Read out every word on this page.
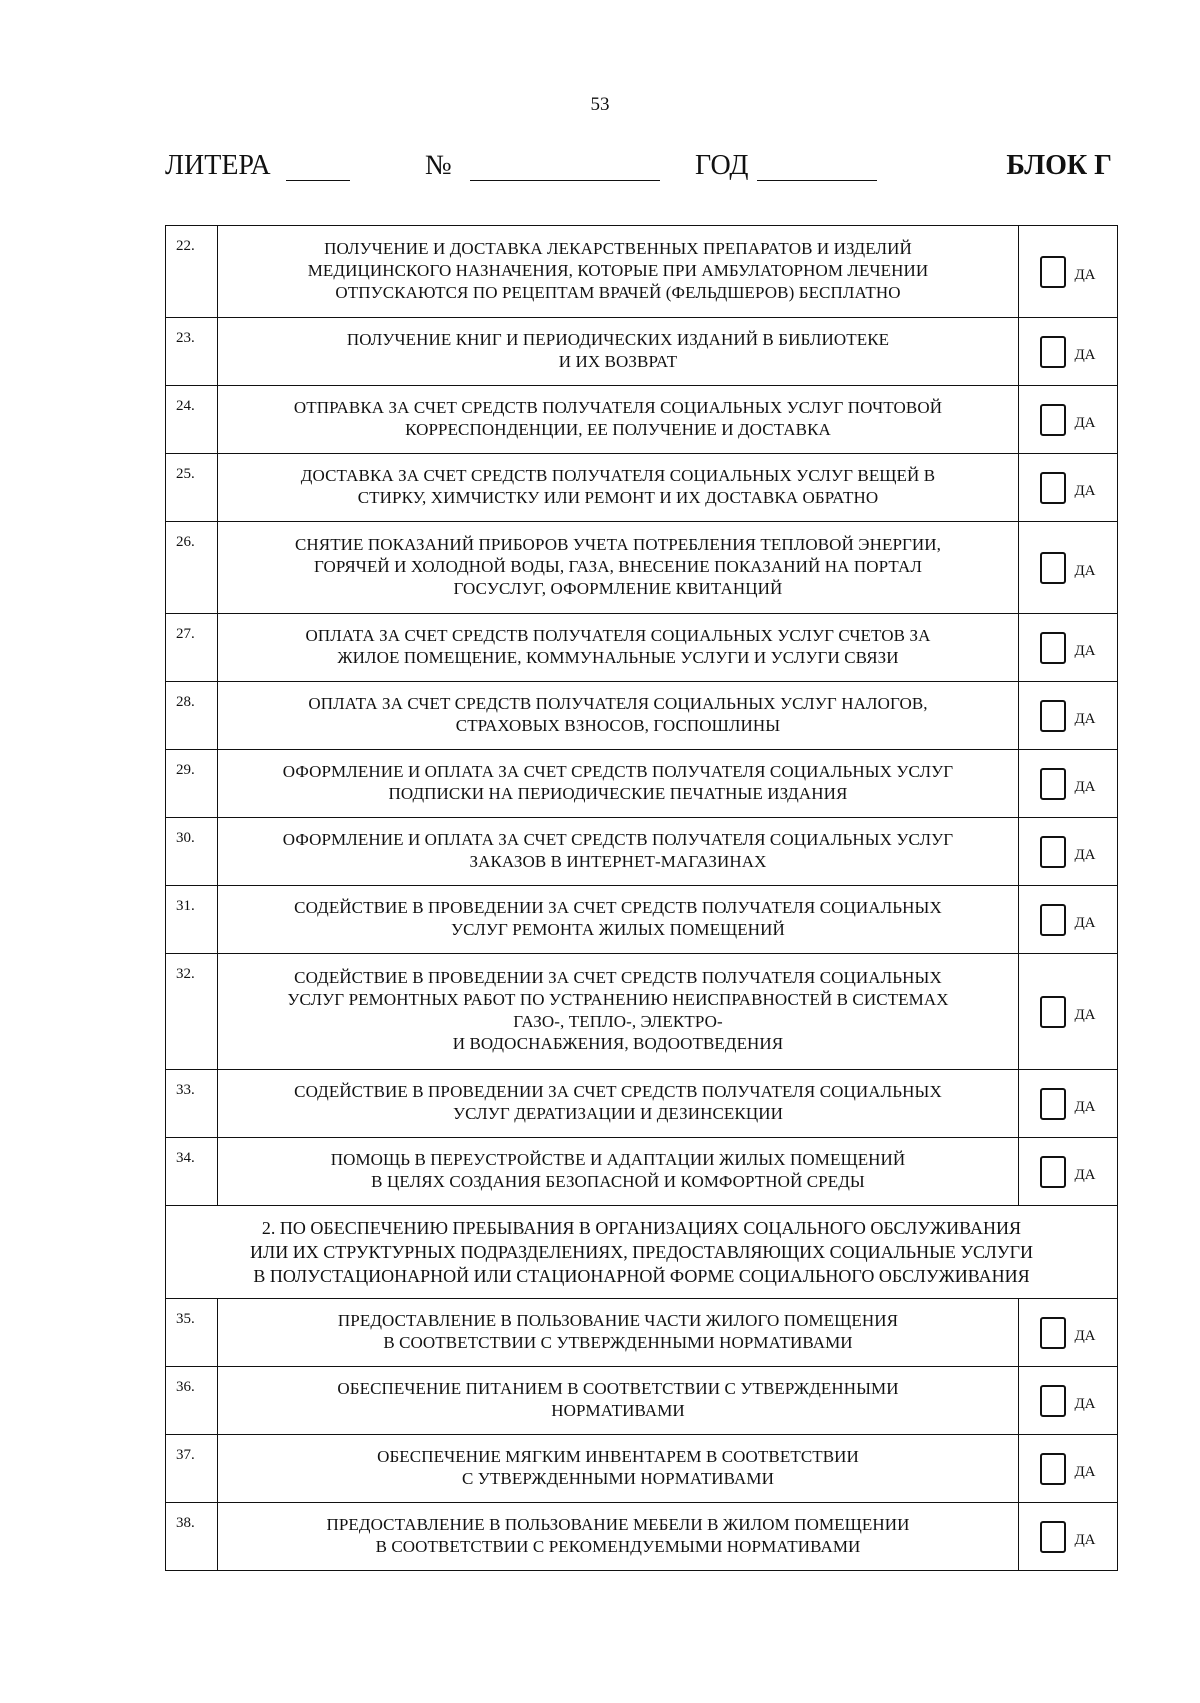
53
ЛИТЕРА	№	ГОД	БЛОК Г
22.	ПОЛУЧЕНИЕ И ДОСТАВКА ЛЕКАРСТВЕННЫХ ПРЕПАРАТОВ И ИЗДЕЛИЙ
МЕДИЦИНСКОГО НАЗНАЧЕНИЯ, КОТОРЫЕ ПРИ АМБУЛАТОРНОМ ЛЕЧЕНИИ
ОТПУСКАЮТСЯ ПО РЕЦЕПТАМ ВРАЧЕЙ (ФЕЛЬДШЕРОВ) БЕСПЛАТНО	ДА

23.	ПОЛУЧЕНИЕ КНИГ И ПЕРИОДИЧЕСКИХ ИЗДАНИЙ В БИБЛИОТЕКЕ
И ИХ ВОЗВРАТ	ДА

24.	ОТПРАВКА ЗА СЧЕТ СРЕДСТВ ПОЛУЧАТЕЛЯ СОЦИАЛЬНЫХ УСЛУГ ПОЧТОВОЙ
КОРРЕСПОНДЕНЦИИ, ЕЕ ПОЛУЧЕНИЕ И ДОСТАВКА	ДА

25.	ДОСТАВКА ЗА СЧЕТ СРЕДСТВ ПОЛУЧАТЕЛЯ СОЦИАЛЬНЫХ УСЛУГ ВЕЩЕЙ В
СТИРКУ, ХИМЧИСТКУ ИЛИ РЕМОНТ И ИХ ДОСТАВКА ОБРАТНО	ДА

26.	СНЯТИЕ ПОКАЗАНИЙ ПРИБОРОВ УЧЕТА ПОТРЕБЛЕНИЯ ТЕПЛОВОЙ ЭНЕРГИИ,
ГОРЯЧЕЙ И ХОЛОДНОЙ ВОДЫ, ГАЗА, ВНЕСЕНИЕ ПОКАЗАНИЙ НА ПОРТАЛ
ГОСУСЛУГ, ОФОРМЛЕНИЕ КВИТАНЦИЙ	ДА

27.	ОПЛАТА ЗА СЧЕТ СРЕДСТВ ПОЛУЧАТЕЛЯ СОЦИАЛЬНЫХ УСЛУГ СЧЕТОВ ЗА
ЖИЛОЕ ПОМЕЩЕНИЕ, КОММУНАЛЬНЫЕ УСЛУГИ И УСЛУГИ СВЯЗИ	ДА

28.	ОПЛАТА ЗА СЧЕТ СРЕДСТВ ПОЛУЧАТЕЛЯ СОЦИАЛЬНЫХ УСЛУГ НАЛОГОВ,
СТРАХОВЫХ ВЗНОСОВ, ГОСПОШЛИНЫ	ДА

29.	ОФОРМЛЕНИЕ И ОПЛАТА ЗА СЧЕТ СРЕДСТВ ПОЛУЧАТЕЛЯ СОЦИАЛЬНЫХ УСЛУГ
ПОДПИСКИ НА ПЕРИОДИЧЕСКИЕ ПЕЧАТНЫЕ ИЗДАНИЯ	ДА

30.	ОФОРМЛЕНИЕ И ОПЛАТА ЗА СЧЕТ СРЕДСТВ ПОЛУЧАТЕЛЯ СОЦИАЛЬНЫХ УСЛУГ
ЗАКАЗОВ В ИНТЕРНЕТ-МАГАЗИНАХ	ДА

31.	СОДЕЙСТВИЕ В ПРОВЕДЕНИИ ЗА СЧЕТ СРЕДСТВ ПОЛУЧАТЕЛЯ СОЦИАЛЬНЫХ
УСЛУГ РЕМОНТА ЖИЛЫХ ПОМЕЩЕНИЙ	ДА

32.	СОДЕЙСТВИЕ В ПРОВЕДЕНИИ ЗА СЧЕТ СРЕДСТВ ПОЛУЧАТЕЛЯ СОЦИАЛЬНЫХ
УСЛУГ РЕМОНТНЫХ РАБОТ ПО УСТРАНЕНИЮ НЕИСПРАВНОСТЕЙ В СИСТЕМАХ
ГАЗО-, ТЕПЛО-, ЭЛЕКТРО-
И ВОДОСНАБЖЕНИЯ, ВОДООТВЕДЕНИЯ	ДА

33.	СОДЕЙСТВИЕ В ПРОВЕДЕНИИ ЗА СЧЕТ СРЕДСТВ ПОЛУЧАТЕЛЯ СОЦИАЛЬНЫХ
УСЛУГ ДЕРАТИЗАЦИИ И ДЕЗИНСЕКЦИИ	ДА

34.	ПОМОЩЬ В ПЕРЕУСТРОЙСТВЕ И АДАПТАЦИИ ЖИЛЫХ ПОМЕЩЕНИЙ
В ЦЕЛЯХ СОЗДАНИЯ БЕЗОПАСНОЙ И КОМФОРТНОЙ СРЕДЫ	ДА

2. ПО ОБЕСПЕЧЕНИЮ ПРЕБЫВАНИЯ В ОРГАНИЗАЦИЯХ СОЦАЛЬНОГО ОБСЛУЖИВАНИЯ
ИЛИ ИХ СТРУКТУРНЫХ ПОДРАЗДЕЛЕНИЯХ, ПРЕДОСТАВЛЯЮЩИХ СОЦИАЛЬНЫЕ УСЛУГИ
В ПОЛУСТАЦИОНАРНОЙ ИЛИ СТАЦИОНАРНОЙ ФОРМЕ СОЦИАЛЬНОГО ОБСЛУЖИВАНИЯ		
35.	ПРЕДОСТАВЛЕНИЕ В ПОЛЬЗОВАНИЕ ЧАСТИ ЖИЛОГО ПОМЕЩЕНИЯ
В СООТВЕТСТВИИ С УТВЕРЖДЕННЫМИ НОРМАТИВАМИ	ДА

36.	ОБЕСПЕЧЕНИЕ ПИТАНИЕМ В СООТВЕТСТВИИ С УТВЕРЖДЕННЫМИ
НОРМАТИВАМИ	ДА

37.	ОБЕСПЕЧЕНИЕ МЯГКИМ ИНВЕНТАРЕМ В СООТВЕТСТВИИ
С УТВЕРЖДЕННЫМИ НОРМАТИВАМИ	ДА

38.	ПРЕДОСТАВЛЕНИЕ В ПОЛЬЗОВАНИЕ МЕБЕЛИ В ЖИЛОМ ПОМЕЩЕНИИ
В СООТВЕТСТВИИ С РЕКОМЕНДУЕМЫМИ НОРМАТИВАМИ	ДА
